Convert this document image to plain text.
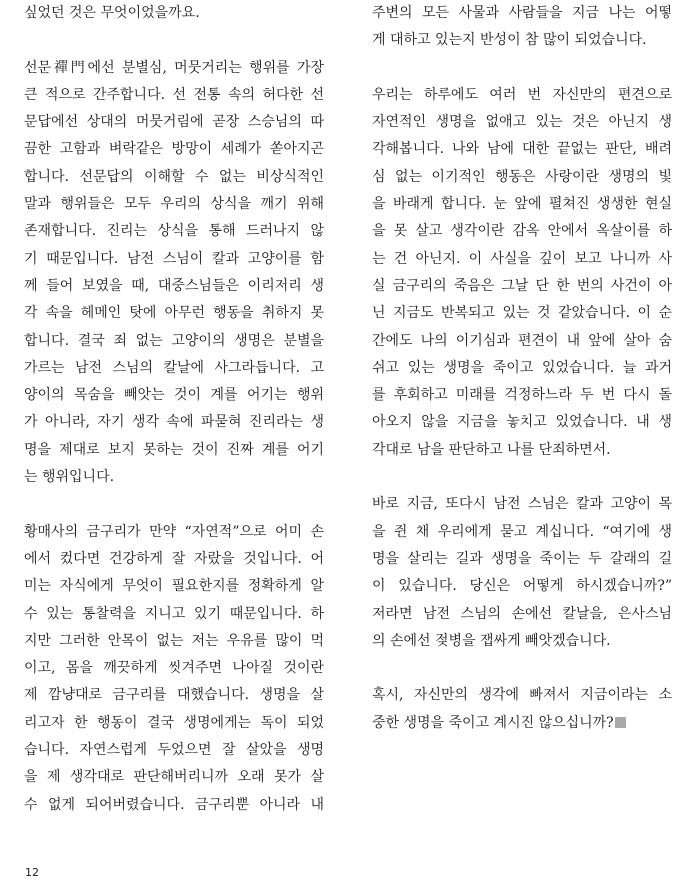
싶었던 것은 무엇이었을까요.
선문禪門에선 분별심, 머뭇거리는 행위를 가장
큰 적으로 간주합니다. 선 전통 속의 허다한 선
문답에선 상대의 머뭇거림에 곧장 스승님의 따
끔한 고함과 벼락같은 방망이 세례가 쏟아지곤
합니다. 선문답의 이해할 수 없는 비상식적인
말과 행위들은 모두 우리의 상식을 깨기 위해
존재합니다. 진리는 상식을 통해 드러나지 않
기 때문입니다. 남전 스님이 칼과 고양이를 함
께 들어 보였을 때, 대중스님들은 이리저리 생
각 속을 헤메인 탓에 아무런 행동을 취하지 못
합니다. 결국 죄 없는 고양이의 생명은 분별을
가르는 남전 스님의 칼날에 사그라듭니다. 고
양이의 목숨을 빼앗는 것이 계를 어기는 행위
가 아니라, 자기 생각 속에 파묻혀 진리라는 생
명을 제대로 보지 못하는 것이 진짜 계를 어기
는 행위입니다.
황매사의 금구리가 만약 “자연적”으로 어미 손
에서 컸다면 건강하게 잘 자랐을 것입니다. 어
미는 자식에게 무엇이 필요한지를 정확하게 알
수 있는 통찰력을 지니고 있기 때문입니다. 하
지만 그러한 안목이 없는 저는 우유를 많이 먹
이고, 몸을 깨끗하게 씻겨주면 나아질 것이란
제 깜냥대로 금구리를 대했습니다. 생명을 살
리고자 한 행동이 결국 생명에게는 독이 되었
습니다. 자연스럽게 두었으면 잘 살았을 생명
을 제 생각대로 판단해버리니까 오래 못가 살
수 없게 되어버렸습니다. 금구리뿐 아니라 내
주변의 모든 사물과 사람들을 지금 나는 어떻
게 대하고 있는지 반성이 참 많이 되었습니다.
우리는 하루에도 여러 번 자신만의 편견으로
자연적인 생명을 없애고 있는 것은 아닌지 생
각해봅니다. 나와 남에 대한 끝없는 판단, 배려
심 없는 이기적인 행동은 사랑이란 생명의 빛
을 바래게 합니다. 눈 앞에 펼쳐진 생생한 현실
을 못 살고 생각이란 감옥 안에서 옥살이를 하
는 건 아닌지. 이 사실을 깊이 보고 나니까 사
실 금구리의 죽음은 그날 단 한 번의 사건이 아
닌 지금도 반복되고 있는 것 같았습니다. 이 순
간에도 나의 이기심과 편견이 내 앞에 살아 숨
쉬고 있는 생명을 죽이고 있었습니다. 늘 과거
를 후회하고 미래를 걱정하느라 두 번 다시 돌
아오지 않을 지금을 놓치고 있었습니다. 내 생
각대로 남을 판단하고 나를 단죄하면서.
바로 지금, 또다시 남전 스님은 칼과 고양이 목
을 쥔 채 우리에게 묻고 계십니다. “여기에 생
명을 살리는 길과 생명을 죽이는 두 갈래의 길
이 있습니다. 당신은 어떻게 하시겠습니까?”
저라면 남전 스님의 손에선 칼날을, 은사스님
의 손에선 젖병을 잽싸게 빼앗겠습니다.
혹시, 자신만의 생각에 빠져서 지금이라는 소
중한 생명을 죽이고 계시진 않으십니까?
12
